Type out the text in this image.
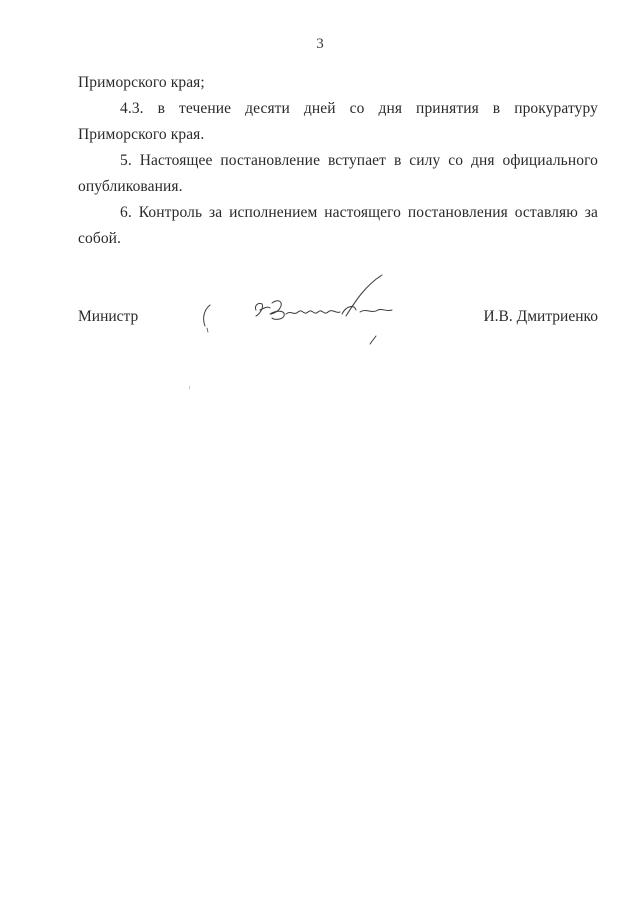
3

Приморского края;

4.3. в течение десяти дней со дня принятия в прокуратуру Приморского края.

5. Настоящее постановление вступает в силу со дня официального опубликования.

6. Контроль за исполнением настоящего постановления оставляю за собой.

Министр	И.В. Дмитриенко
